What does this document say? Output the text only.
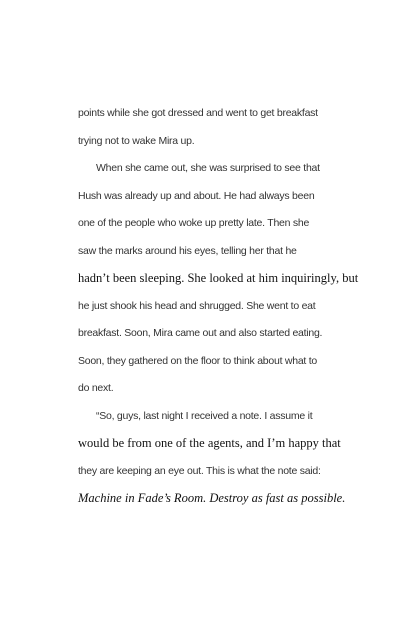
points while she got dressed and went to get breakfast
trying not to wake Mira up.
When she came out, she was surprised to see that
Hush was already up and about. He had always been
one of the people who woke up pretty late. Then she
saw the marks around his eyes, telling her that he
hadn’t been sleeping. She looked at him inquiringly, but
he just shook his head and shrugged. She went to eat
breakfast. Soon, Mira came out and also started eating.
Soon, they gathered on the floor to think about what to
do next.
“So, guys, last night I received a note. I assume it
would be from one of the agents, and I’m happy that
they are keeping an eye out. This is what the note said:
Machine in Fade’s Room. Destroy as fast as possible.
